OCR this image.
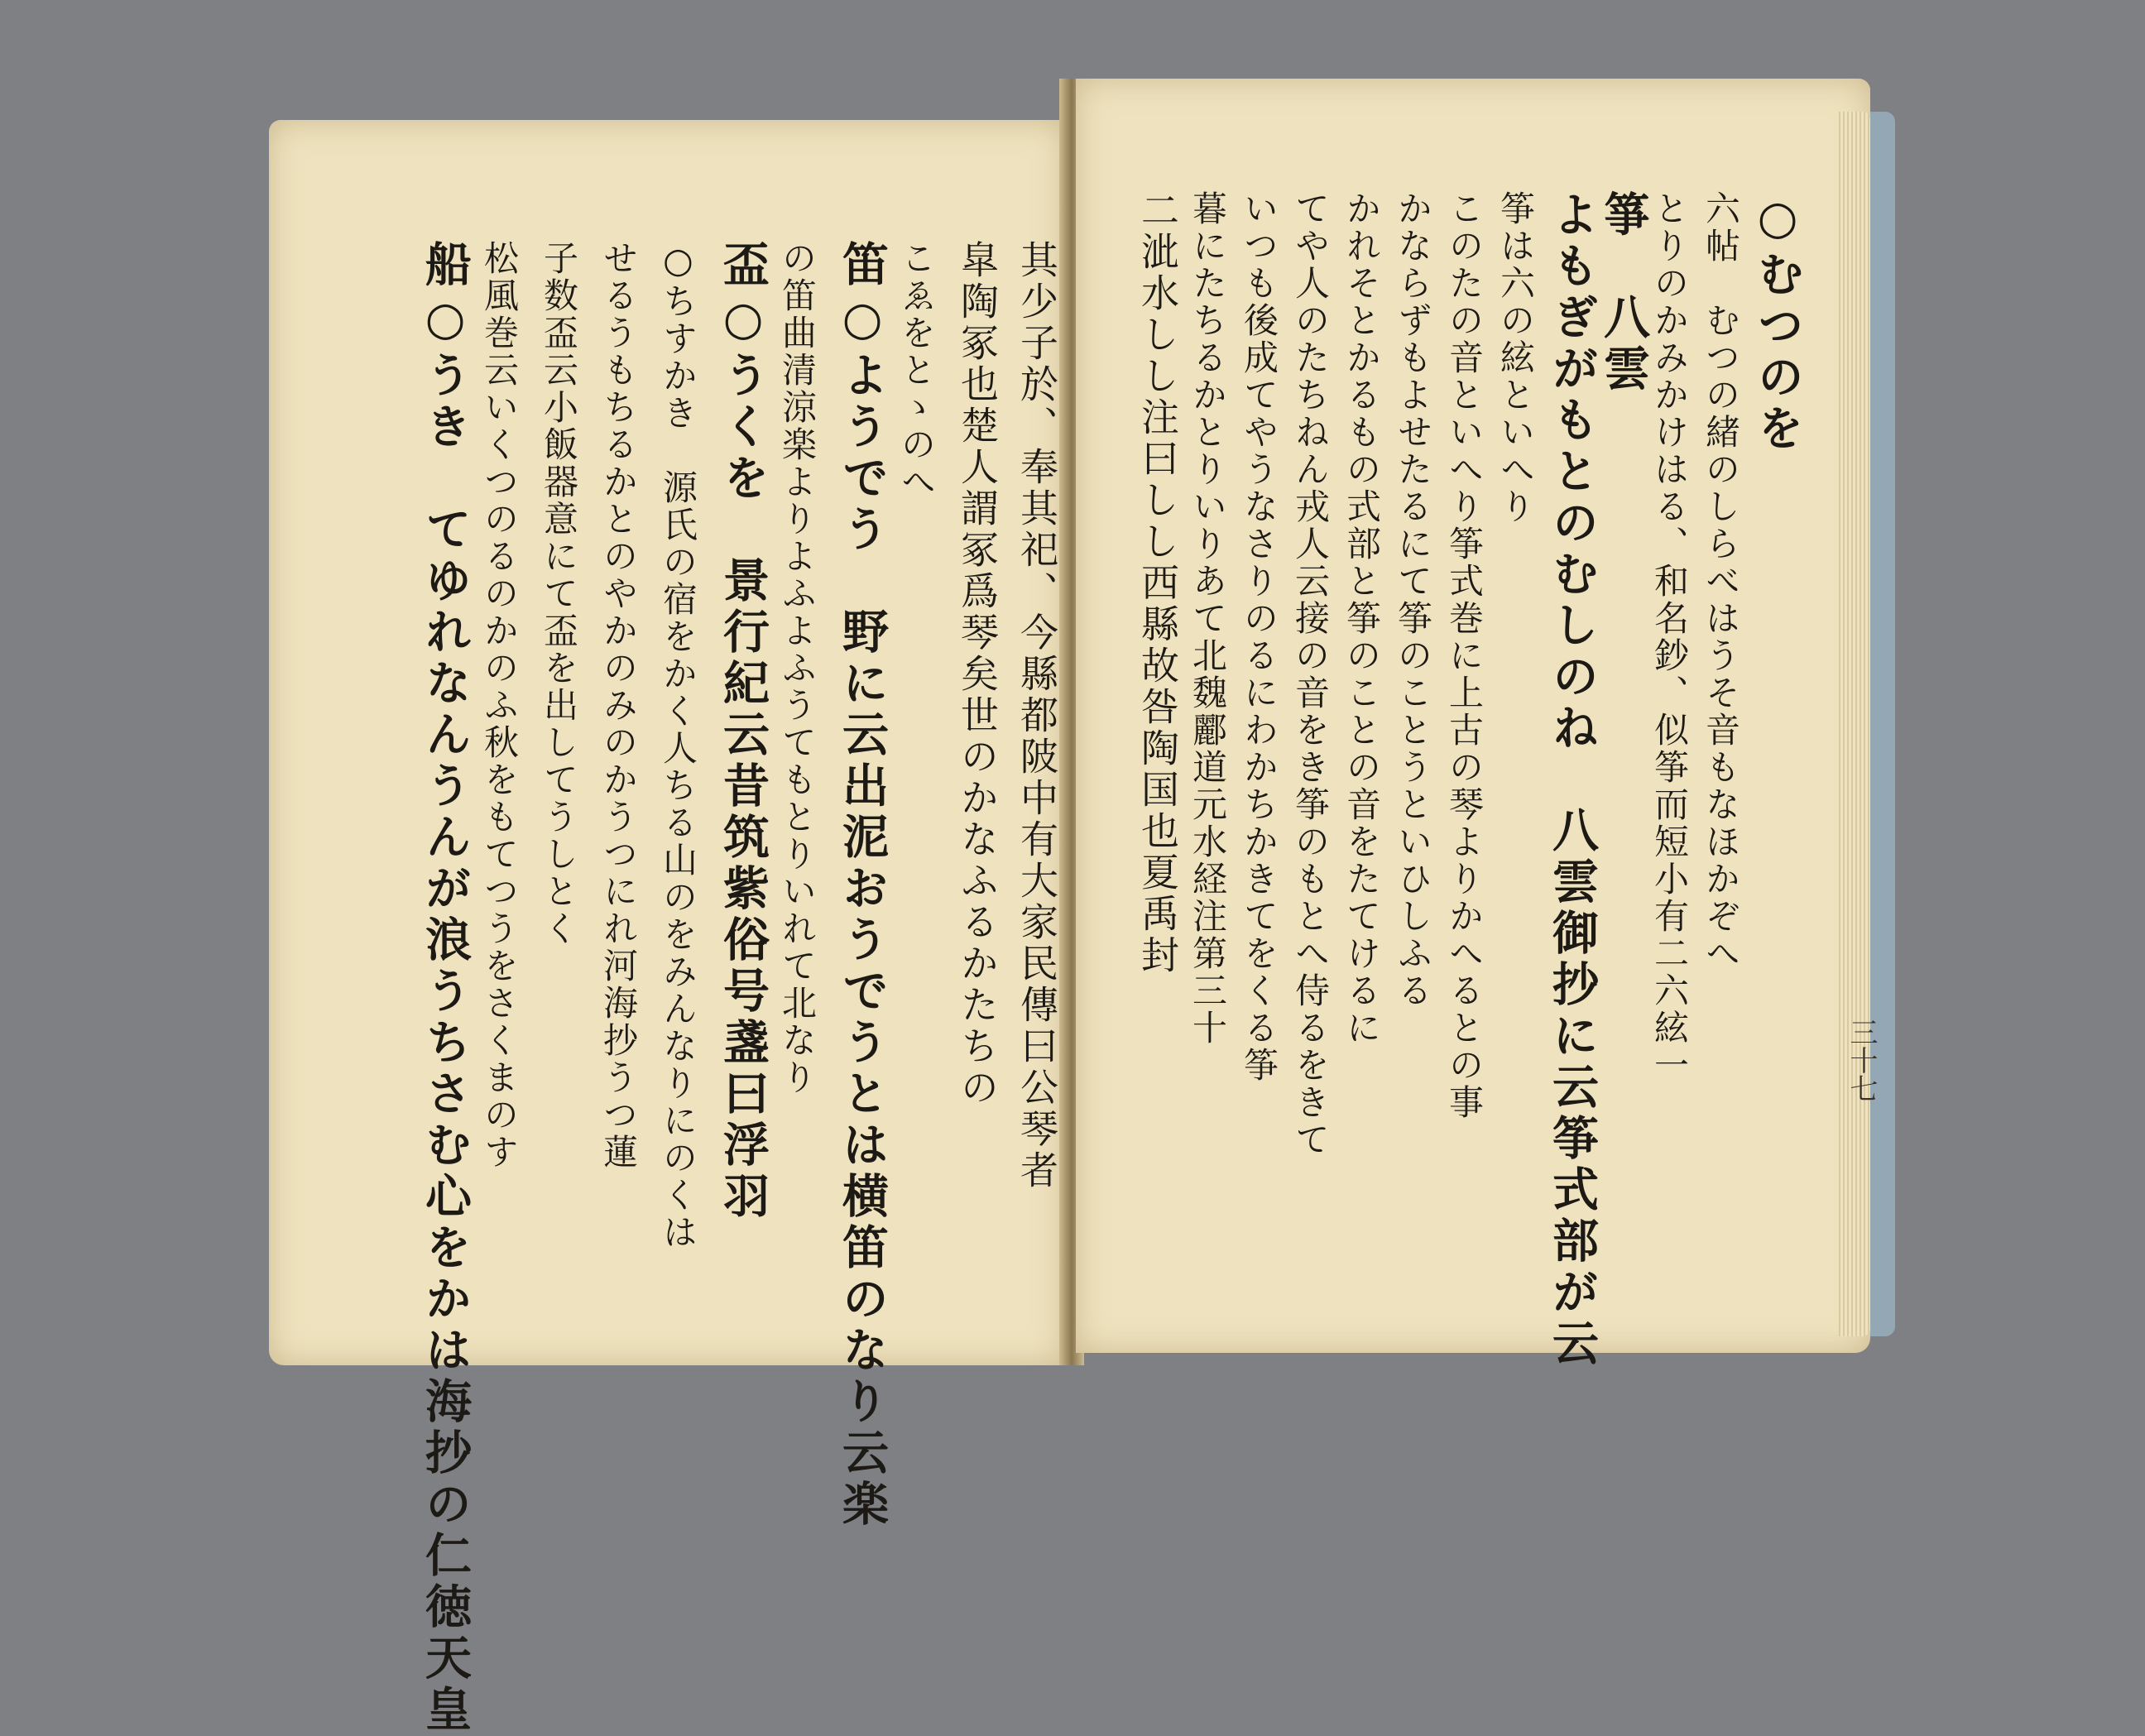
○むつのを
六帖　むつの緒のしらべはうそ音もなほかぞへ
とりのかみかけはる、和名鈔、似筝而短小有二六絃一
箏　八雲
よもぎがもとのむしのね　八雲御抄に云筝式部が云
筝は六の絃といへり
このたの音といへり筝式巻に上古の琴よりかへるとの事
かならずもよせたるにて筝のことうといひしふる
かれそとかるもの式部と筝のことの音をたてけるに
てや人のたちねん戎人云接の音をき筝のもとへ侍るをきて
いつも後成てやうなさりのるにわかちかきてをくる筝
暮にたちるかとりいりあて北魏酈道元水経注第三十
二泚水しし注曰しし西縣故咎陶国也夏禹封
其少子於、奉其祀、今縣都陂中有大家民傳曰公琴者
皐陶冢也楚人謂冢爲琴矣世のかなふるかたちの
こゑをとゝのへ
笛○ようでう　野に云出泥おうでうとは横笛のなり云楽
の笛曲清涼楽よりよふよふうてもとりいれて北なり
盃○うくを　景行紀云昔筑紫俗号盞曰浮羽
○ちすかき　源氏の宿をかく人ちる山のをみんなりにのくは
せるうもちるかとのやかのみのかうつにれ河海抄うつ蓮
子数盃云小飯器意にて盃を出してうしとく
松風巻云いくつのるのかのふ秋をもてつうをさくまのす
船○うき　てゆれなんうんが浪うちさむ心をかは海抄の仁徳天皇	三十七
